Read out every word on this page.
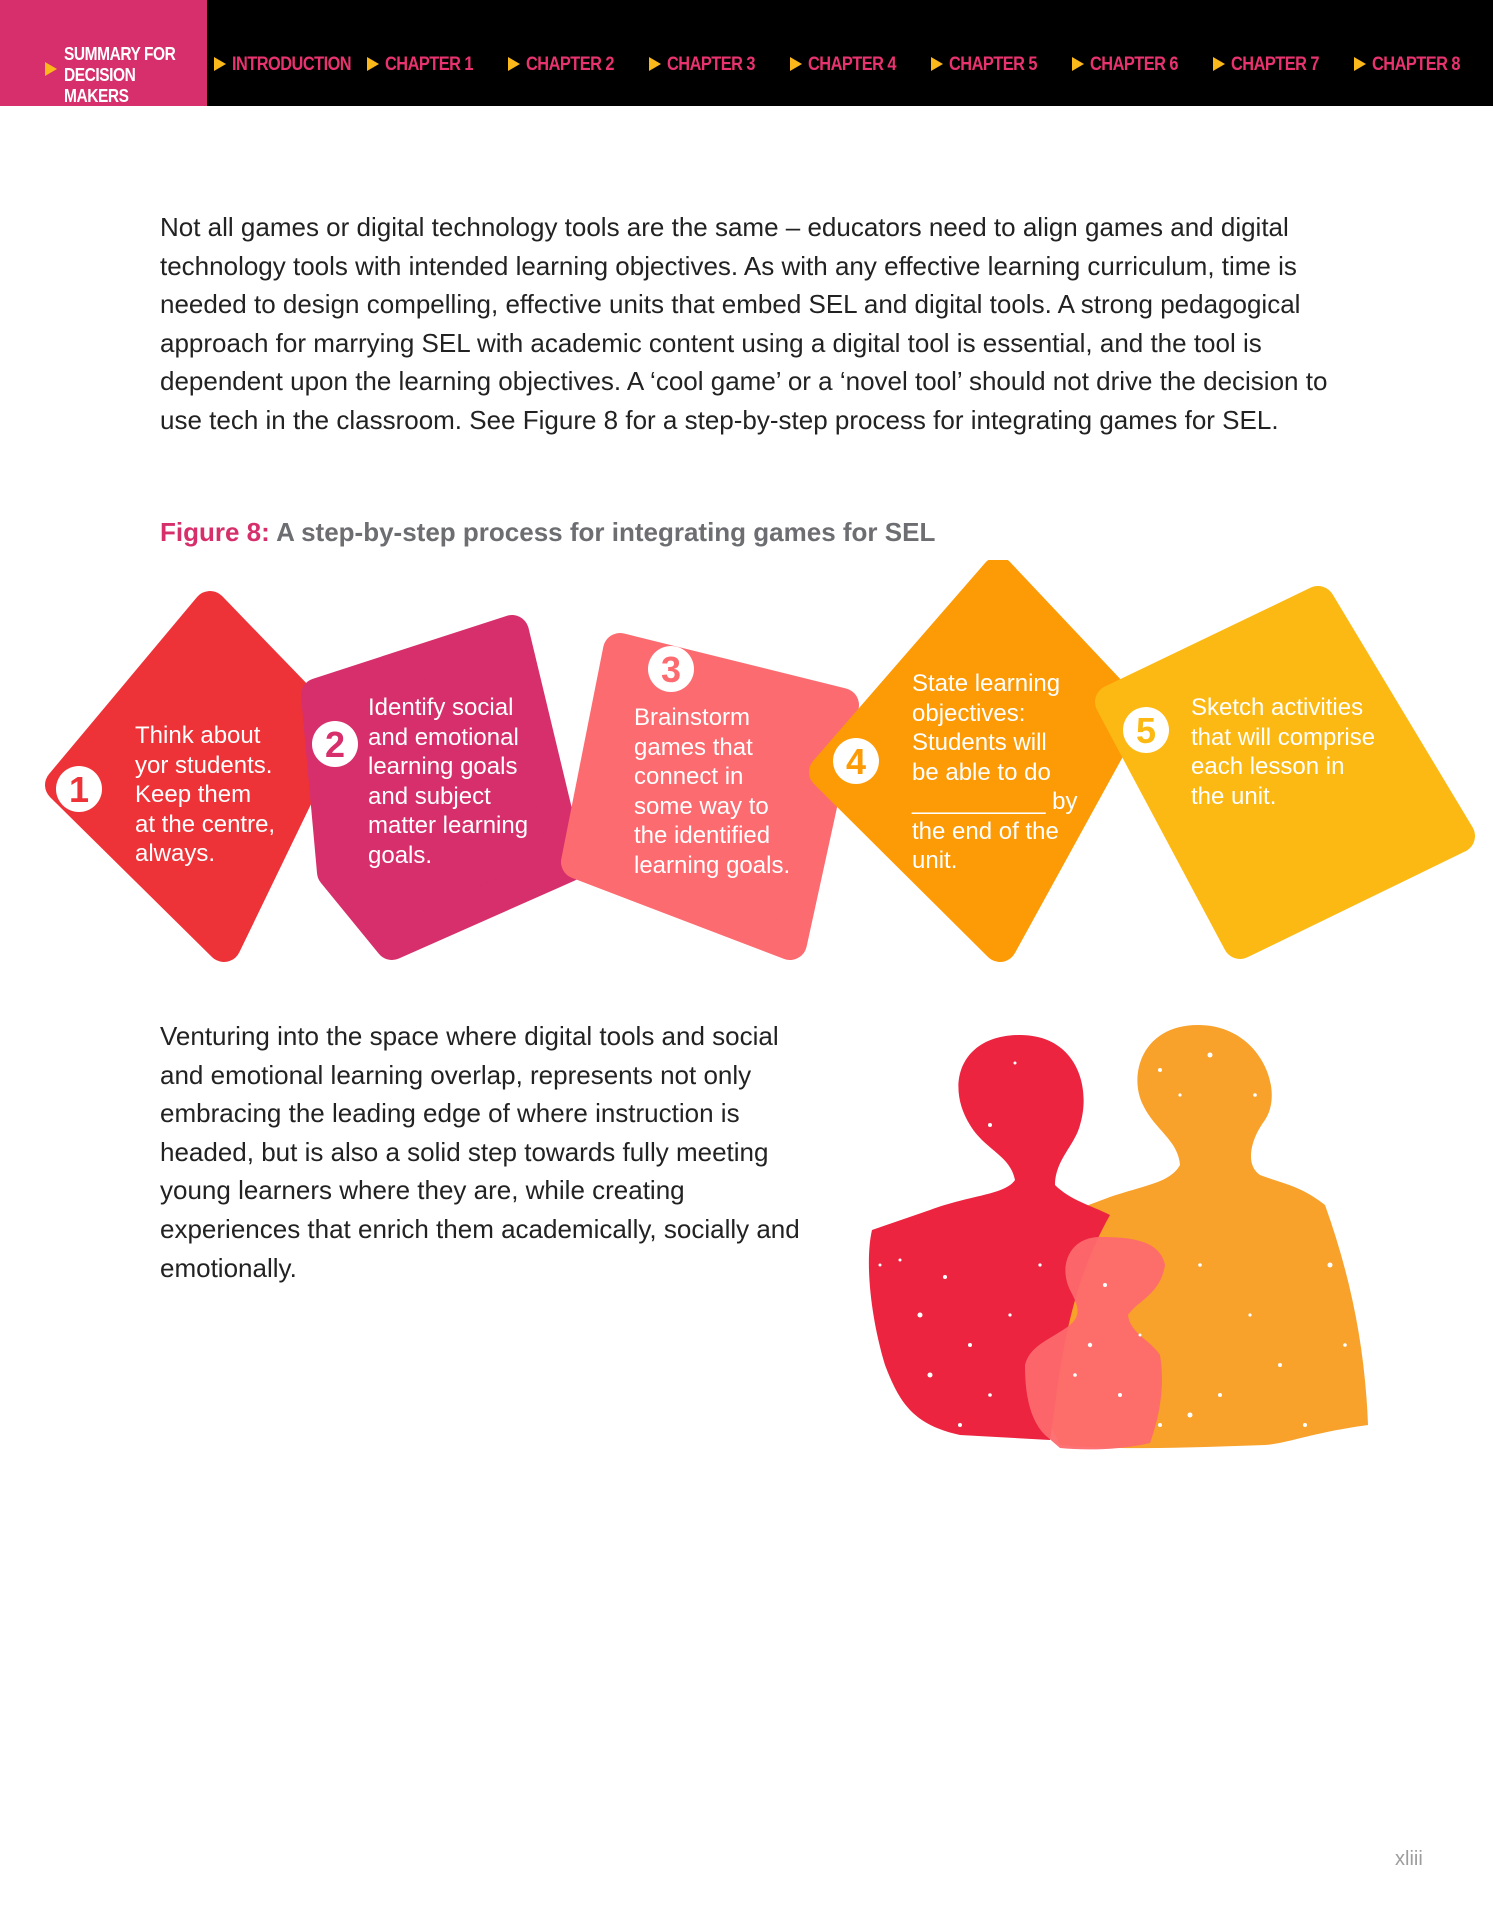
SUMMARY FOR
DECISION MAKERS
INTRODUCTION	CHAPTER 1	CHAPTER 2	CHAPTER 3	CHAPTER 4	CHAPTER 5	CHAPTER 6	CHAPTER 7	CHAPTER 8

Not all games or digital technology tools are the same – educators need to align games and digital technology tools with intended learning objectives. As with any effective learning curriculum, time is needed to design compelling, effective units that embed SEL and digital tools. A strong pedagogical approach for marrying SEL with academic content using a digital tool is essential, and the tool is dependent upon the learning objectives. A ‘cool game’ or a ‘novel tool’ should not drive the decision to use tech in the classroom. See Figure 8 for a step-by-step process for integrating games for SEL.

Figure 8: A step-by-step process for integrating games for SEL

1
2
3
4
5

Think about
yor students.
Keep them
at the centre,
always.

Identify social
and emotional
learning goals
and subject
matter learning
goals.

Brainstorm
games that
connect in
some way to
the identified
learning goals.

State learning
objectives:
Students will
be able to do
__________ by
the end of the
unit.

Sketch activities
that will comprise
each lesson in
the unit.

Venturing into the space where digital tools and social and emotional learning overlap, represents not only embracing the leading edge of where instruction is headed, but is also a solid step towards fully meeting young learners where they are, while creating experiences that enrich them academically, socially and emotionally.

xliii
